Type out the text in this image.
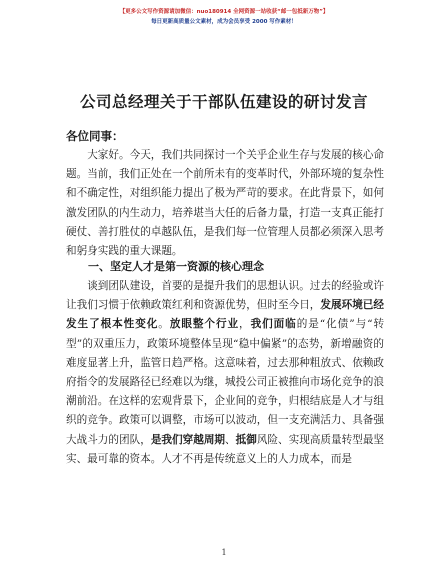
【更多公文写作资源请加微信：nuo180914 全网资源一站收获“邮一包抵新万物”】
每日更新高质量公文素材，成为会员享受 2000 写作素材！
公司总经理关于干部队伍建设的研讨发言
各位同事：
大家好。今天，我们共同探讨一个关乎企业生存与发展的核心命题。当前，我们正处在一个前所未有的变革时代，外部环境的复杂性和不确定性，对组织能力提出了极为严苛的要求。在此背景下，如何激发团队的内生动力，培养堪当大任的后备力量，打造一支真正能打硬仗、善打胜仗的卓越队伍，是我们每一位管理人员都必须深入思考和躬身实践的重大课题。
一、坚定人才是第一资源的核心理念
谈到团队建设，首要的是提升我们的思想认识。过去的经验或许让我们习惯于依赖政策红利和资源优势，但时至今日，发展环境已经发生了根本性变化。放眼整个行业，我们面临的是“化债”与“转型”的双重压力，政策环境整体呈现“稳中偏紧”的态势，新增融资的难度显著上升，监管日趋严格。这意味着，过去那种粗放式、依赖政府指令的发展路径已经难以为继，城投公司正被推向市场化竞争的浪潮前沿。在这样的宏观背景下，企业间的竞争，归根结底是人才与组织的竞争。政策可以调整，市场可以波动，但一支充满活力、具备强大战斗力的团队，是我们穿越周期、抵御风险、实现高质量转型最坚实、最可靠的资本。人才不再是传统意义上的人力成本，而是
1
